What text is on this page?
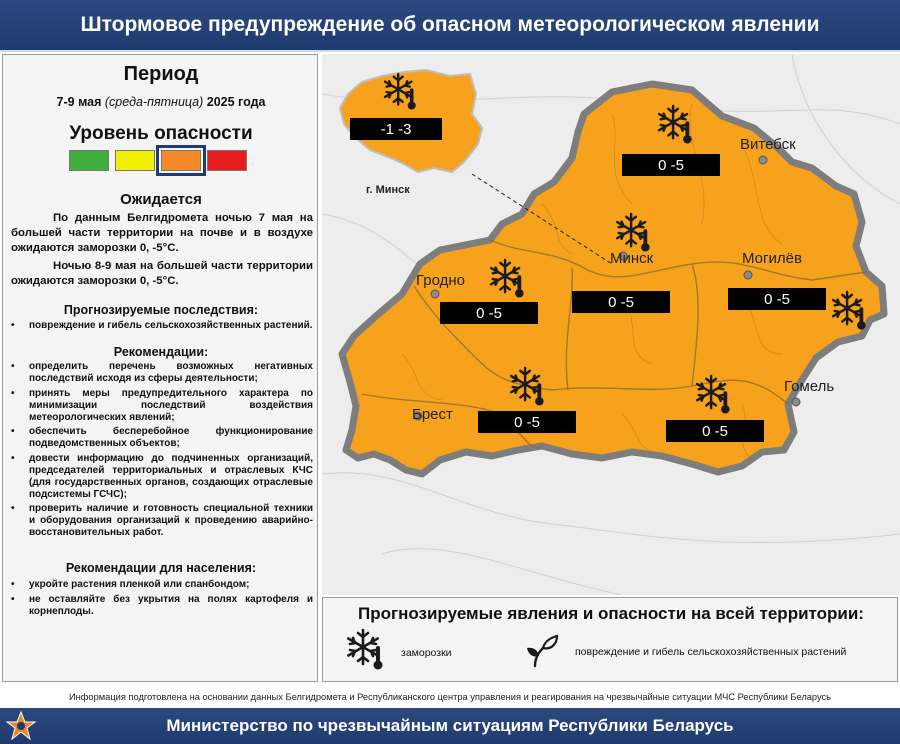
Штормовое предупреждение об опасном метеорологическом явлении
Период
7-9 мая (среда-пятница) 2025 года
Уровень опасности
Ожидается

По данным Белгидромета ночью 7 мая на большей части территории на почве и в воздухе ожидаются заморозки 0, -5°С.

Ночью 8-9 мая на большей части территории ожидаются заморозки 0, -5°С.

Прогнозируемые последствия:
• повреждение и гибель сельскохозяйственных растений.
Рекомендации:
• определить перечень возможных негативных последствий исходя из сферы деятельности;
• принять меры предупредительного характера по минимизации последствий воздействия метеорологических явлений;
• обеспечить бесперебойное функционирование подведомственных объектов;
• довести информацию до подчиненных организаций, председателей территориальных и отраслевых КЧС (для государственных органов, создающих отраслевые подсистемы ГСЧС);
• проверить наличие и готовность специальной техники и оборудования организаций к проведению аварийно-восстановительных работ.
Рекомендации для населения:
• укройте растения пленкой или спанбондом;
• не оставляйте без укрытия на полях картофеля и корнеплоды.
-1 -3
0 -5
0 -5	0 -5
0 -5
0 -5
0 -5
г. Минск
Витебск
Минск	Могилёв
Гродно
Брест
Гомель
Прогнозируемые явления и опасности на всей территории:
заморозки	повреждение и гибель сельскохозяйственных растений
Информация подготовлена на основании данных Белгидромета и Республиканского центра управления и реагирования на чрезвычайные ситуации МЧС Республики Беларусь
Министерство по чрезвычайным ситуациям Республики Беларусь
